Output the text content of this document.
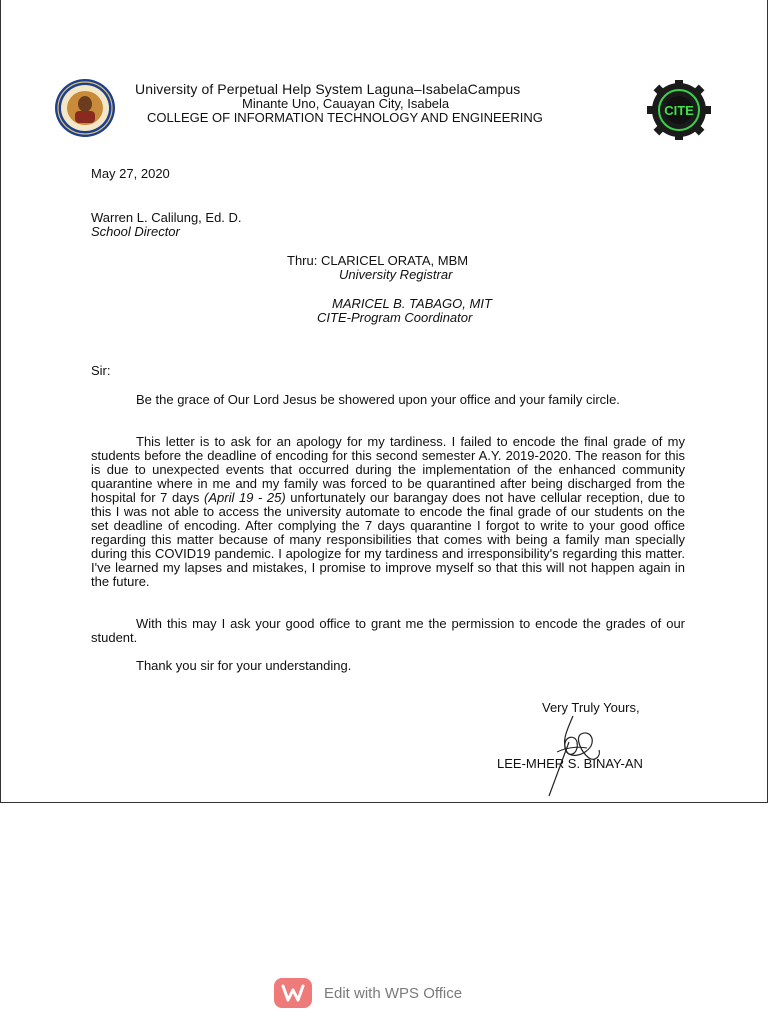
CITE
University of Perpetual Help System Laguna–IsabelaCampus
Minante Uno, Cauayan City, Isabela
COLLEGE OF INFORMATION TECHNOLOGY AND ENGINEERING
May 27, 2020
Warren L. Calilung, Ed. D.
School Director
Thru: CLARICEL ORATA, MBM
University Registrar
MARICEL B. TABAGO, MIT
CITE-Program Coordinator
Sir:
Be the grace of Our Lord Jesus be showered upon your office and your family circle.
This letter is to ask for an apology for my tardiness. I failed to encode the final grade of my students before the deadline of encoding for this second semester A.Y. 2019-2020. The reason for this is due to unexpected events that occurred during the implementation of the enhanced community quarantine where in me and my family was forced to be quarantined after being discharged from the hospital for 7 days (April 19 - 25) unfortunately our barangay does not have cellular reception, due to this I was not able to access the university automate to encode the final grade of our students on the set deadline of encoding. After complying the 7 days quarantine I forgot to write to your good office regarding this matter because of many responsibilities that comes with being a family man specially during this COVID19 pandemic. I apologize for my tardiness and irresponsibility's regarding this matter. I've learned my lapses and mistakes, I promise to improve myself so that this will not happen again in the future.
With this may I ask your good office to grant me the permission to encode the grades of our student.
Thank you sir for your understanding.
Very Truly Yours,
LEE-MHER S. BINAY-AN
Edit with WPS Office
